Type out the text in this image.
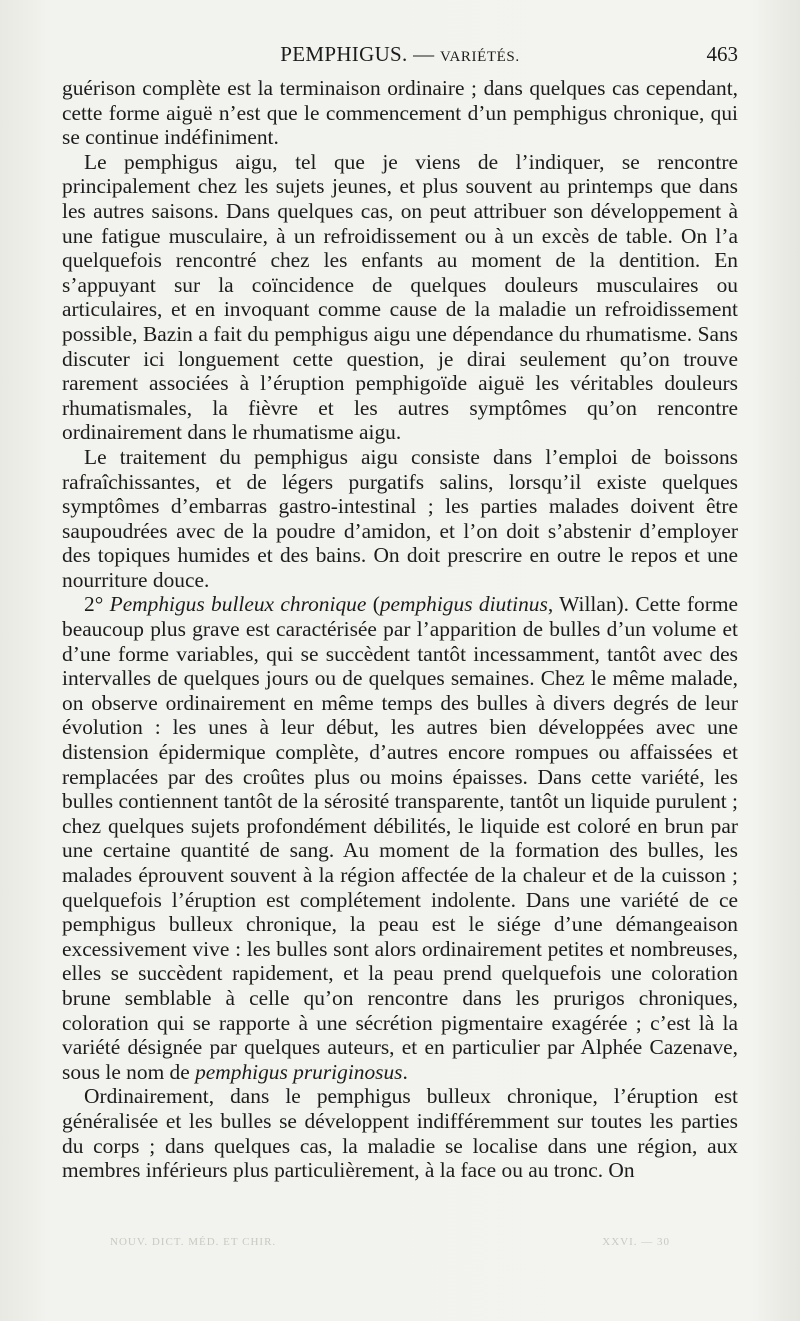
PEMPHIGUS. — VARIÉTÉS.	463

guérison complète est la terminaison ordinaire ; dans quelques cas cependant, cette forme aiguë n’est que le commencement d’un pemphigus chronique, qui se continue indéfiniment.

Le pemphigus aigu, tel que je viens de l’indiquer, se rencontre principalement chez les sujets jeunes, et plus souvent au printemps que dans les autres saisons. Dans quelques cas, on peut attribuer son développement à une fatigue musculaire, à un refroidissement ou à un excès de table. On l’a quelquefois rencontré chez les enfants au moment de la dentition. En s’appuyant sur la coïncidence de quelques douleurs musculaires ou articulaires, et en invoquant comme cause de la maladie un refroidissement possible, Bazin a fait du pemphigus aigu une dépendance du rhumatisme. Sans discuter ici longuement cette question, je dirai seulement qu’on trouve rarement associées à l’éruption pemphigoïde aiguë les véritables douleurs rhumatismales, la fièvre et les autres symptômes qu’on rencontre ordinairement dans le rhumatisme aigu.

Le traitement du pemphigus aigu consiste dans l’emploi de boissons rafraîchissantes, et de légers purgatifs salins, lorsqu’il existe quelques symptômes d’embarras gastro-intestinal ; les parties malades doivent être saupoudrées avec de la poudre d’amidon, et l’on doit s’abstenir d’employer des topiques humides et des bains. On doit prescrire en outre le repos et une nourriture douce.

2° Pemphigus bulleux chronique (pemphigus diutinus, Willan). Cette forme beaucoup plus grave est caractérisée par l’apparition de bulles d’un volume et d’une forme variables, qui se succèdent tantôt incessamment, tantôt avec des intervalles de quelques jours ou de quelques semaines. Chez le même malade, on observe ordinairement en même temps des bulles à divers degrés de leur évolution : les unes à leur début, les autres bien développées avec une distension épidermique complète, d’autres encore rompues ou affaissées et remplacées par des croûtes plus ou moins épaisses. Dans cette variété, les bulles contiennent tantôt de la sérosité transparente, tantôt un liquide purulent ; chez quelques sujets profondément débilités, le liquide est coloré en brun par une certaine quantité de sang. Au moment de la formation des bulles, les malades éprouvent souvent à la région affectée de la chaleur et de la cuisson ; quelquefois l’éruption est complétement indolente. Dans une variété de ce pemphigus bulleux chronique, la peau est le siége d’une démangeaison excessivement vive : les bulles sont alors ordinairement petites et nombreuses, elles se succèdent rapidement, et la peau prend quelquefois une coloration brune semblable à celle qu’on rencontre dans les prurigos chroniques, coloration qui se rapporte à une sécrétion pigmentaire exagérée ; c’est là la variété désignée par quelques auteurs, et en particulier par Alphée Cazenave, sous le nom de pemphigus pruriginosus.

Ordinairement, dans le pemphigus bulleux chronique, l’éruption est généralisée et les bulles se développent indifféremment sur toutes les parties du corps ; dans quelques cas, la maladie se localise dans une région, aux membres inférieurs plus particulièrement, à la face ou au tronc. On

NOUV. DICT. MÉD. ET CHIR.	XXVI. — 30
